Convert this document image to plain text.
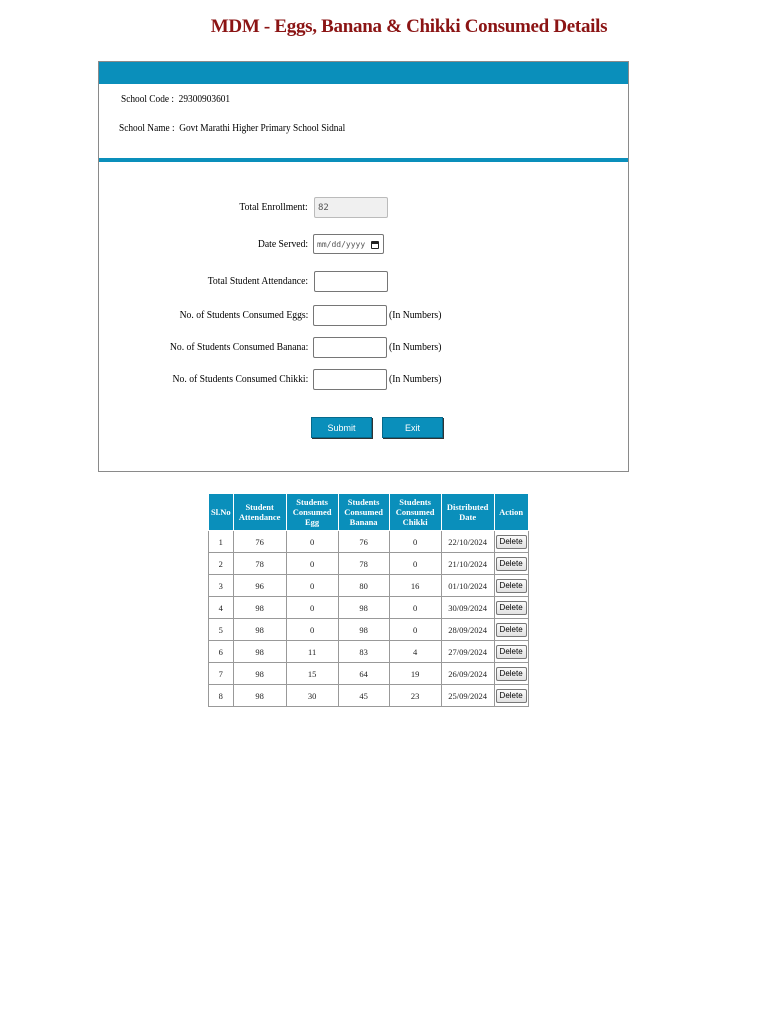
MDM - Eggs, Banana & Chikki Consumed Details
School Code : 29300903601
School Name : Govt Marathi Higher Primary School Sidnal
Total Enrollment:	82
Date Served: mm/dd/yyyy
Total Student Attendance:
No. of Students Consumed Eggs:	(In Numbers)
No. of Students Consumed Banana:	(In Numbers)
No. of Students Consumed Chikki:	(In Numbers)
Submit	Exit
Sl.No	Student Attendance	Students Consumed Egg	Students Consumed Banana	Students Consumed Chikki	Distributed Date	Action
1	76	0	76	0	22/10/2024	Delete
2	78	0	78	0	21/10/2024	Delete
3	96	0	80	16	01/10/2024	Delete
4	98	0	98	0	30/09/2024	Delete
5	98	0	98	0	28/09/2024	Delete
6	98	11	83	4	27/09/2024	Delete
7	98	15	64	19	26/09/2024	Delete
8	98	30	45	23	25/09/2024	Delete
